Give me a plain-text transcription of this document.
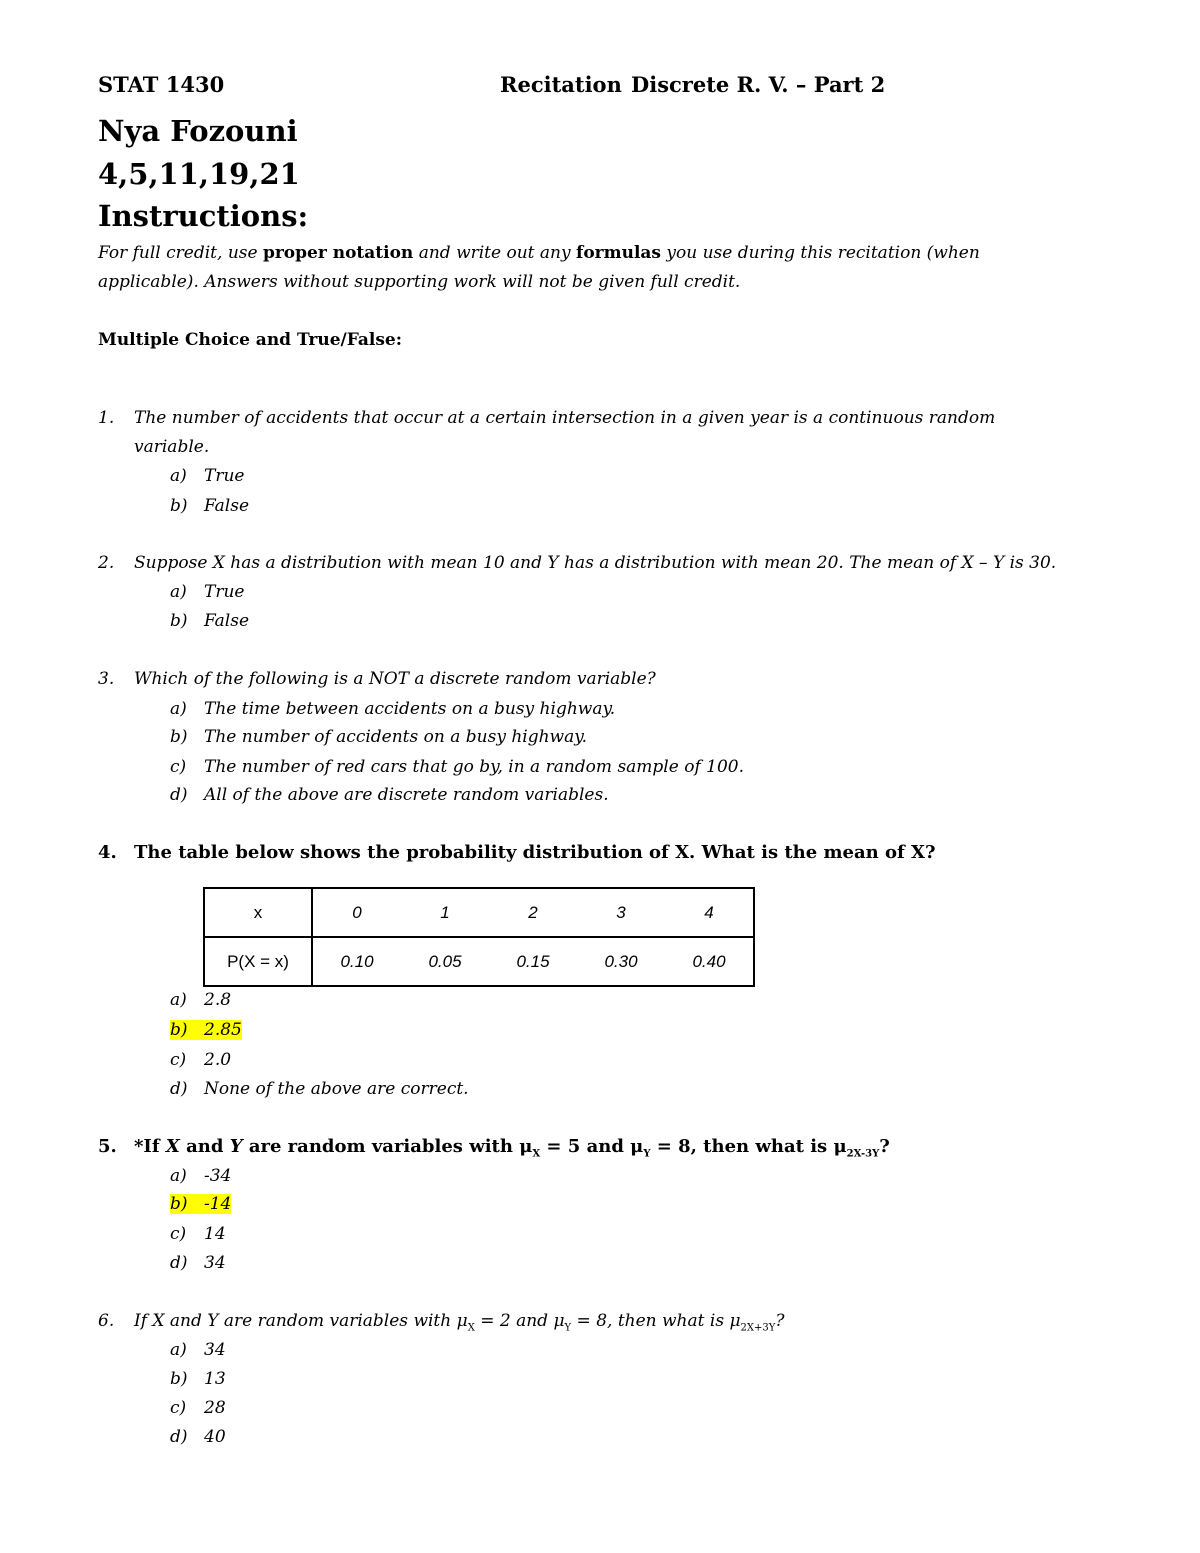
STAT 1430	Recitation Discrete R. V. – Part 2
Nya Fozouni
4,5,11,19,21
Instructions:
For full credit, use proper notation and write out any formulas you use during this recitation (when
applicable). Answers without supporting work will not be given full credit.
Multiple Choice and True/False:
1. The number of accidents that occur at a certain intersection in a given year is a continuous random
variable.
a) True
b) False
2. Suppose X has a distribution with mean 10 and Y has a distribution with mean 20. The mean of X – Y is 30.
a) True
b) False
3. Which of the following is a NOT a discrete random variable?
a) The time between accidents on a busy highway.
b) The number of accidents on a busy highway.
c) The number of red cars that go by, in a random sample of 100.
d) All of the above are discrete random variables.
4. The table below shows the probability distribution of X. What is the mean of X?
x	0	1	2	3	4
P(X = x)	0.10	0.05	0.15	0.30	0.40
a) 2.8
b) 2.85
c) 2.0
d) None of the above are correct.
5. *If X and Y are random variables with $\mu_X = 5$ and $\mu_Y = 8$, then what is $\mu_{2X-3Y}$?
a) -34
b) -14
c) 14
d) 34
6. If X and Y are random variables with $\mu_X = 2$ and $\mu_Y = 8$, then what is $\mu_{2X+3Y}$?
a) 34
b) 13
c) 28
d) 40
